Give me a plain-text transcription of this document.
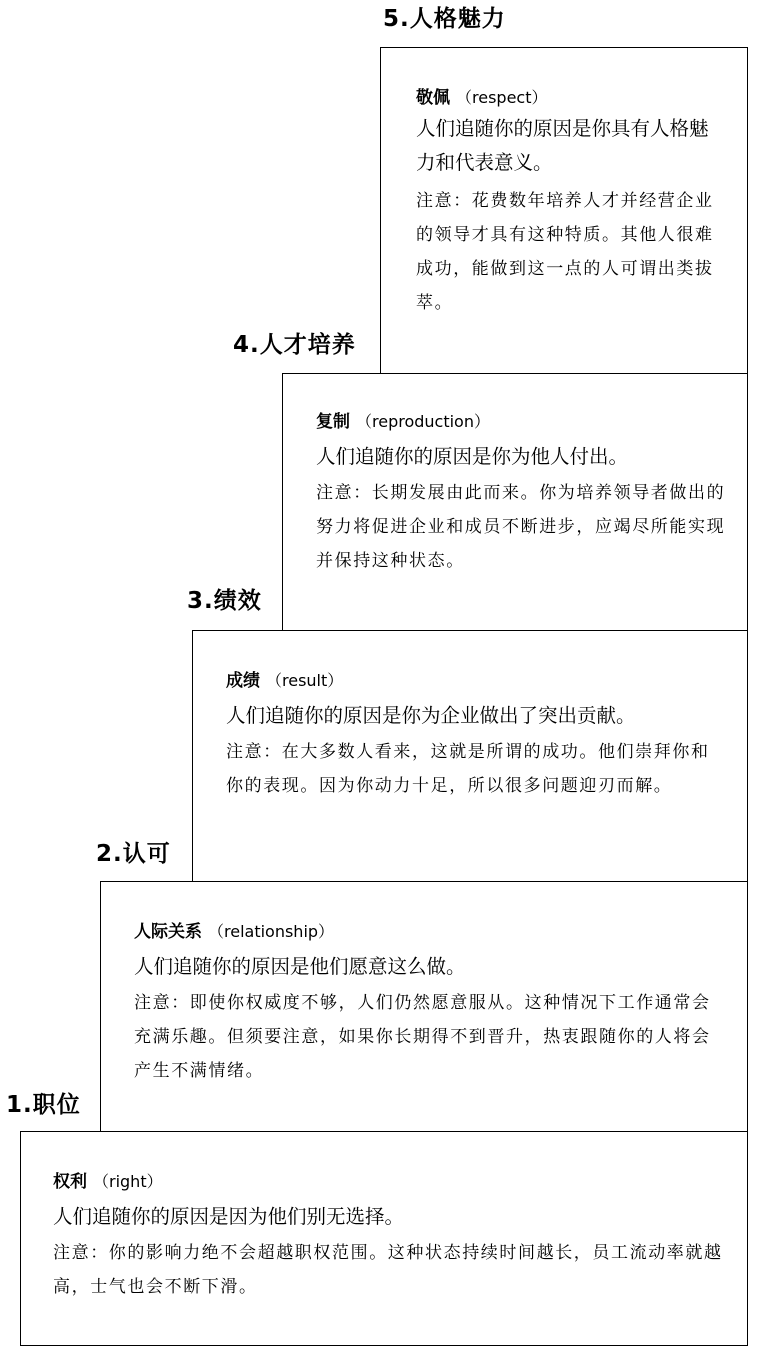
5.人格魅力
4.人才培养
3.绩效
2.认可
1.职位
敬佩 （respect）
人们追随你的原因是你具有人格魅力和代表意义。
注意：花费数年培养人才并经营企业的领导才具有这种特质。其他人很难成功，能做到这一点的人可谓出类拔萃。
复制 （reproduction）
人们追随你的原因是你为他人付出。
注意：长期发展由此而来。你为培养领导者做出的努力将促进企业和成员不断进步，应竭尽所能实现并保持这种状态。
成绩 （result）
人们追随你的原因是你为企业做出了突出贡献。
注意：在大多数人看来，这就是所谓的成功。他们崇拜你和你的表现。因为你动力十足，所以很多问题迎刃而解。
人际关系 （relationship）
人们追随你的原因是他们愿意这么做。
注意：即使你权威度不够，人们仍然愿意服从。这种情况下工作通常会充满乐趣。但须要注意，如果你长期得不到晋升，热衷跟随你的人将会产生不满情绪。
权利 （right）
人们追随你的原因是因为他们别无选择。
注意：你的影响力绝不会超越职权范围。这种状态持续时间越长，员工流动率就越高，士气也会不断下滑。
